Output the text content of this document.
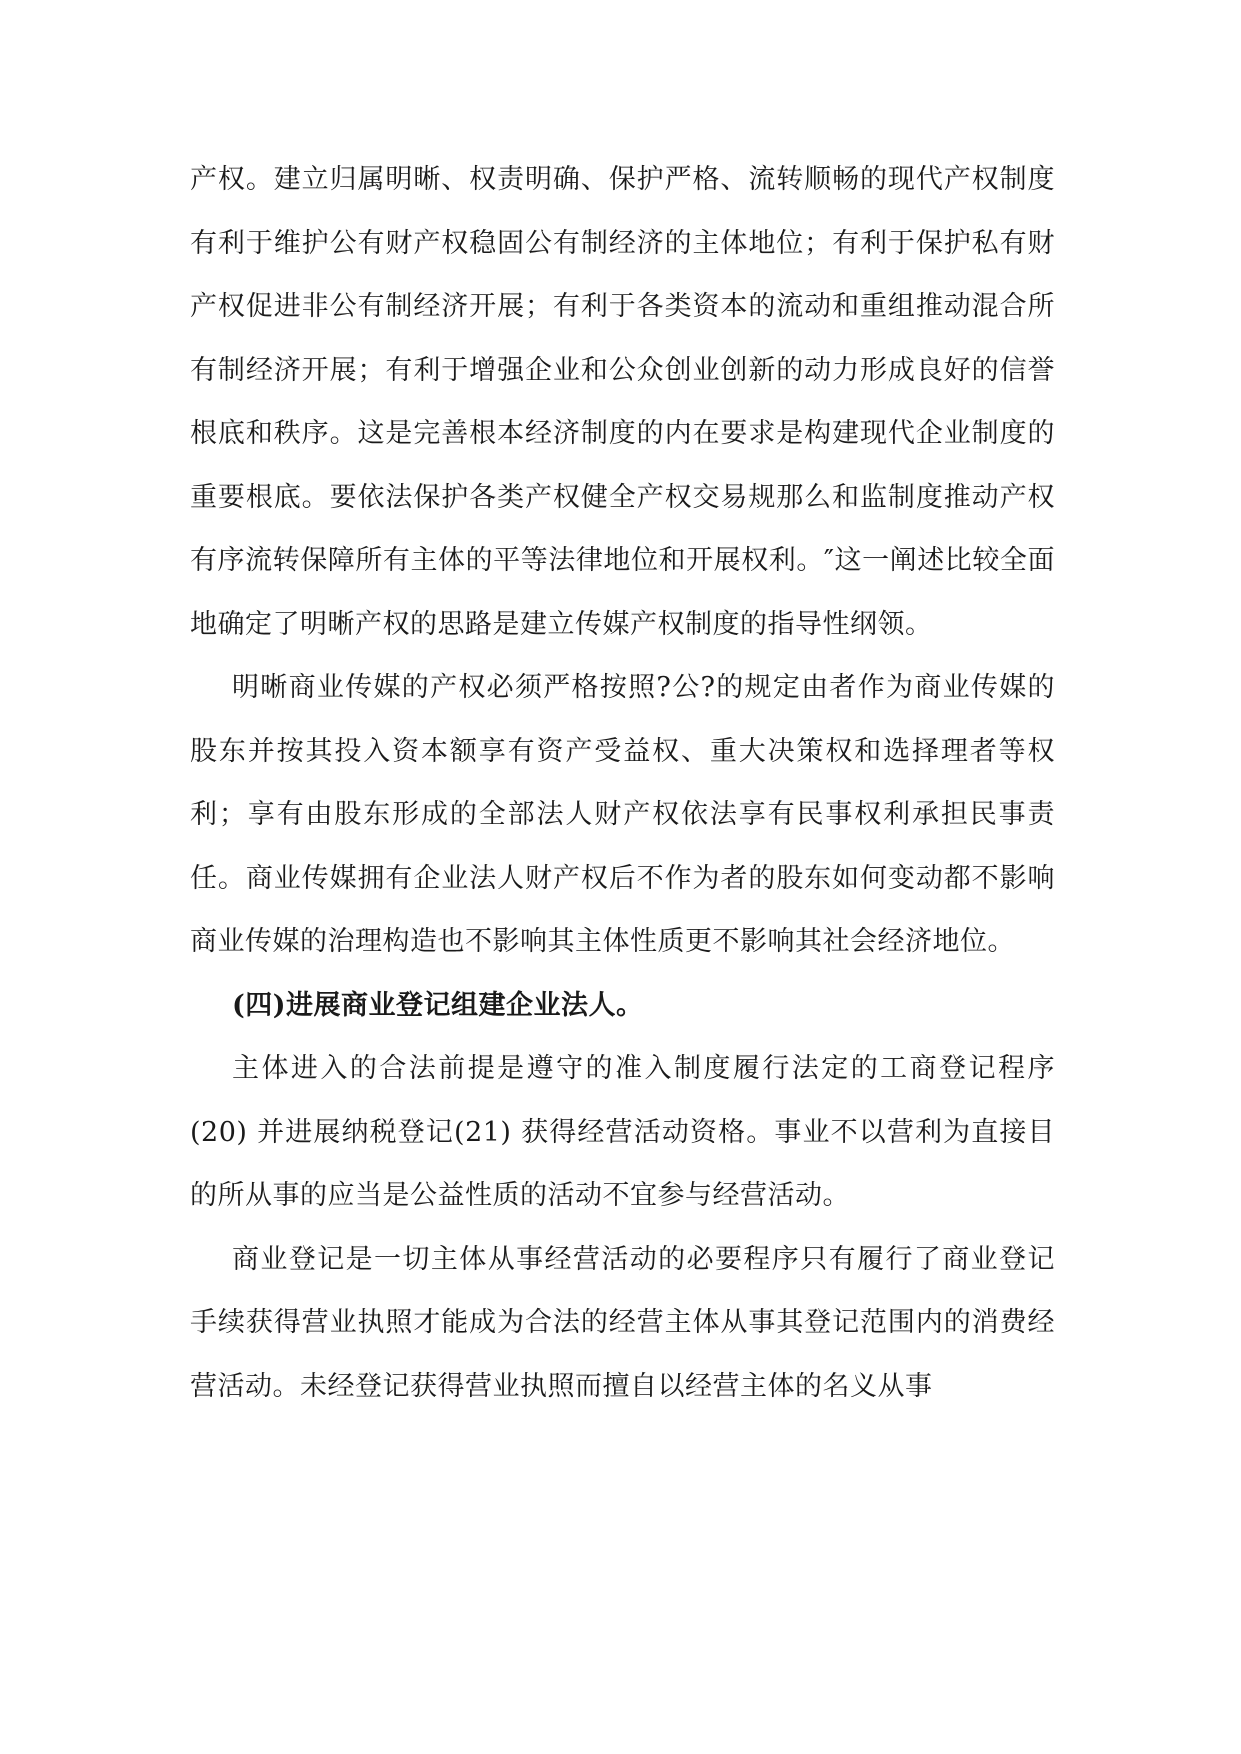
产权。建立归属明晰、权责明确、保护严格、流转顺畅的现代产权制度有利于维护公有财产权稳固公有制经济的主体地位；有利于保护私有财产权促进非公有制经济开展；有利于各类资本的流动和重组推动混合所有制经济开展；有利于增强企业和公众创业创新的动力形成良好的信誉根底和秩序。这是完善根本经济制度的内在要求是构建现代企业制度的重要根底。要依法保护各类产权健全产权交易规那么和监制度推动产权有序流转保障所有主体的平等法律地位和开展权利。″这一阐述比较全面地确定了明晰产权的思路是建立传媒产权制度的指导性纲领。

明晰商业传媒的产权必须严格按照?公?的规定由者作为商业传媒的股东并按其投入资本额享有资产受益权、重大决策权和选择理者等权利；享有由股东形成的全部法人财产权依法享有民事权利承担民事责任。商业传媒拥有企业法人财产权后不作为者的股东如何变动都不影响商业传媒的治理构造也不影响其主体性质更不影响其社会经济地位。

(四)进展商业登记组建企业法人。

主体进入的合法前提是遵守的准入制度履行法定的工商登记程序(20) 并进展纳税登记(21) 获得经营活动资格。事业不以营利为直接目的所从事的应当是公益性质的活动不宜参与经营活动。

商业登记是一切主体从事经营活动的必要程序只有履行了商业登记手续获得营业执照才能成为合法的经营主体从事其登记范围内的消费经营活动。未经登记获得营业执照而擅自以经营主体的名义从事
